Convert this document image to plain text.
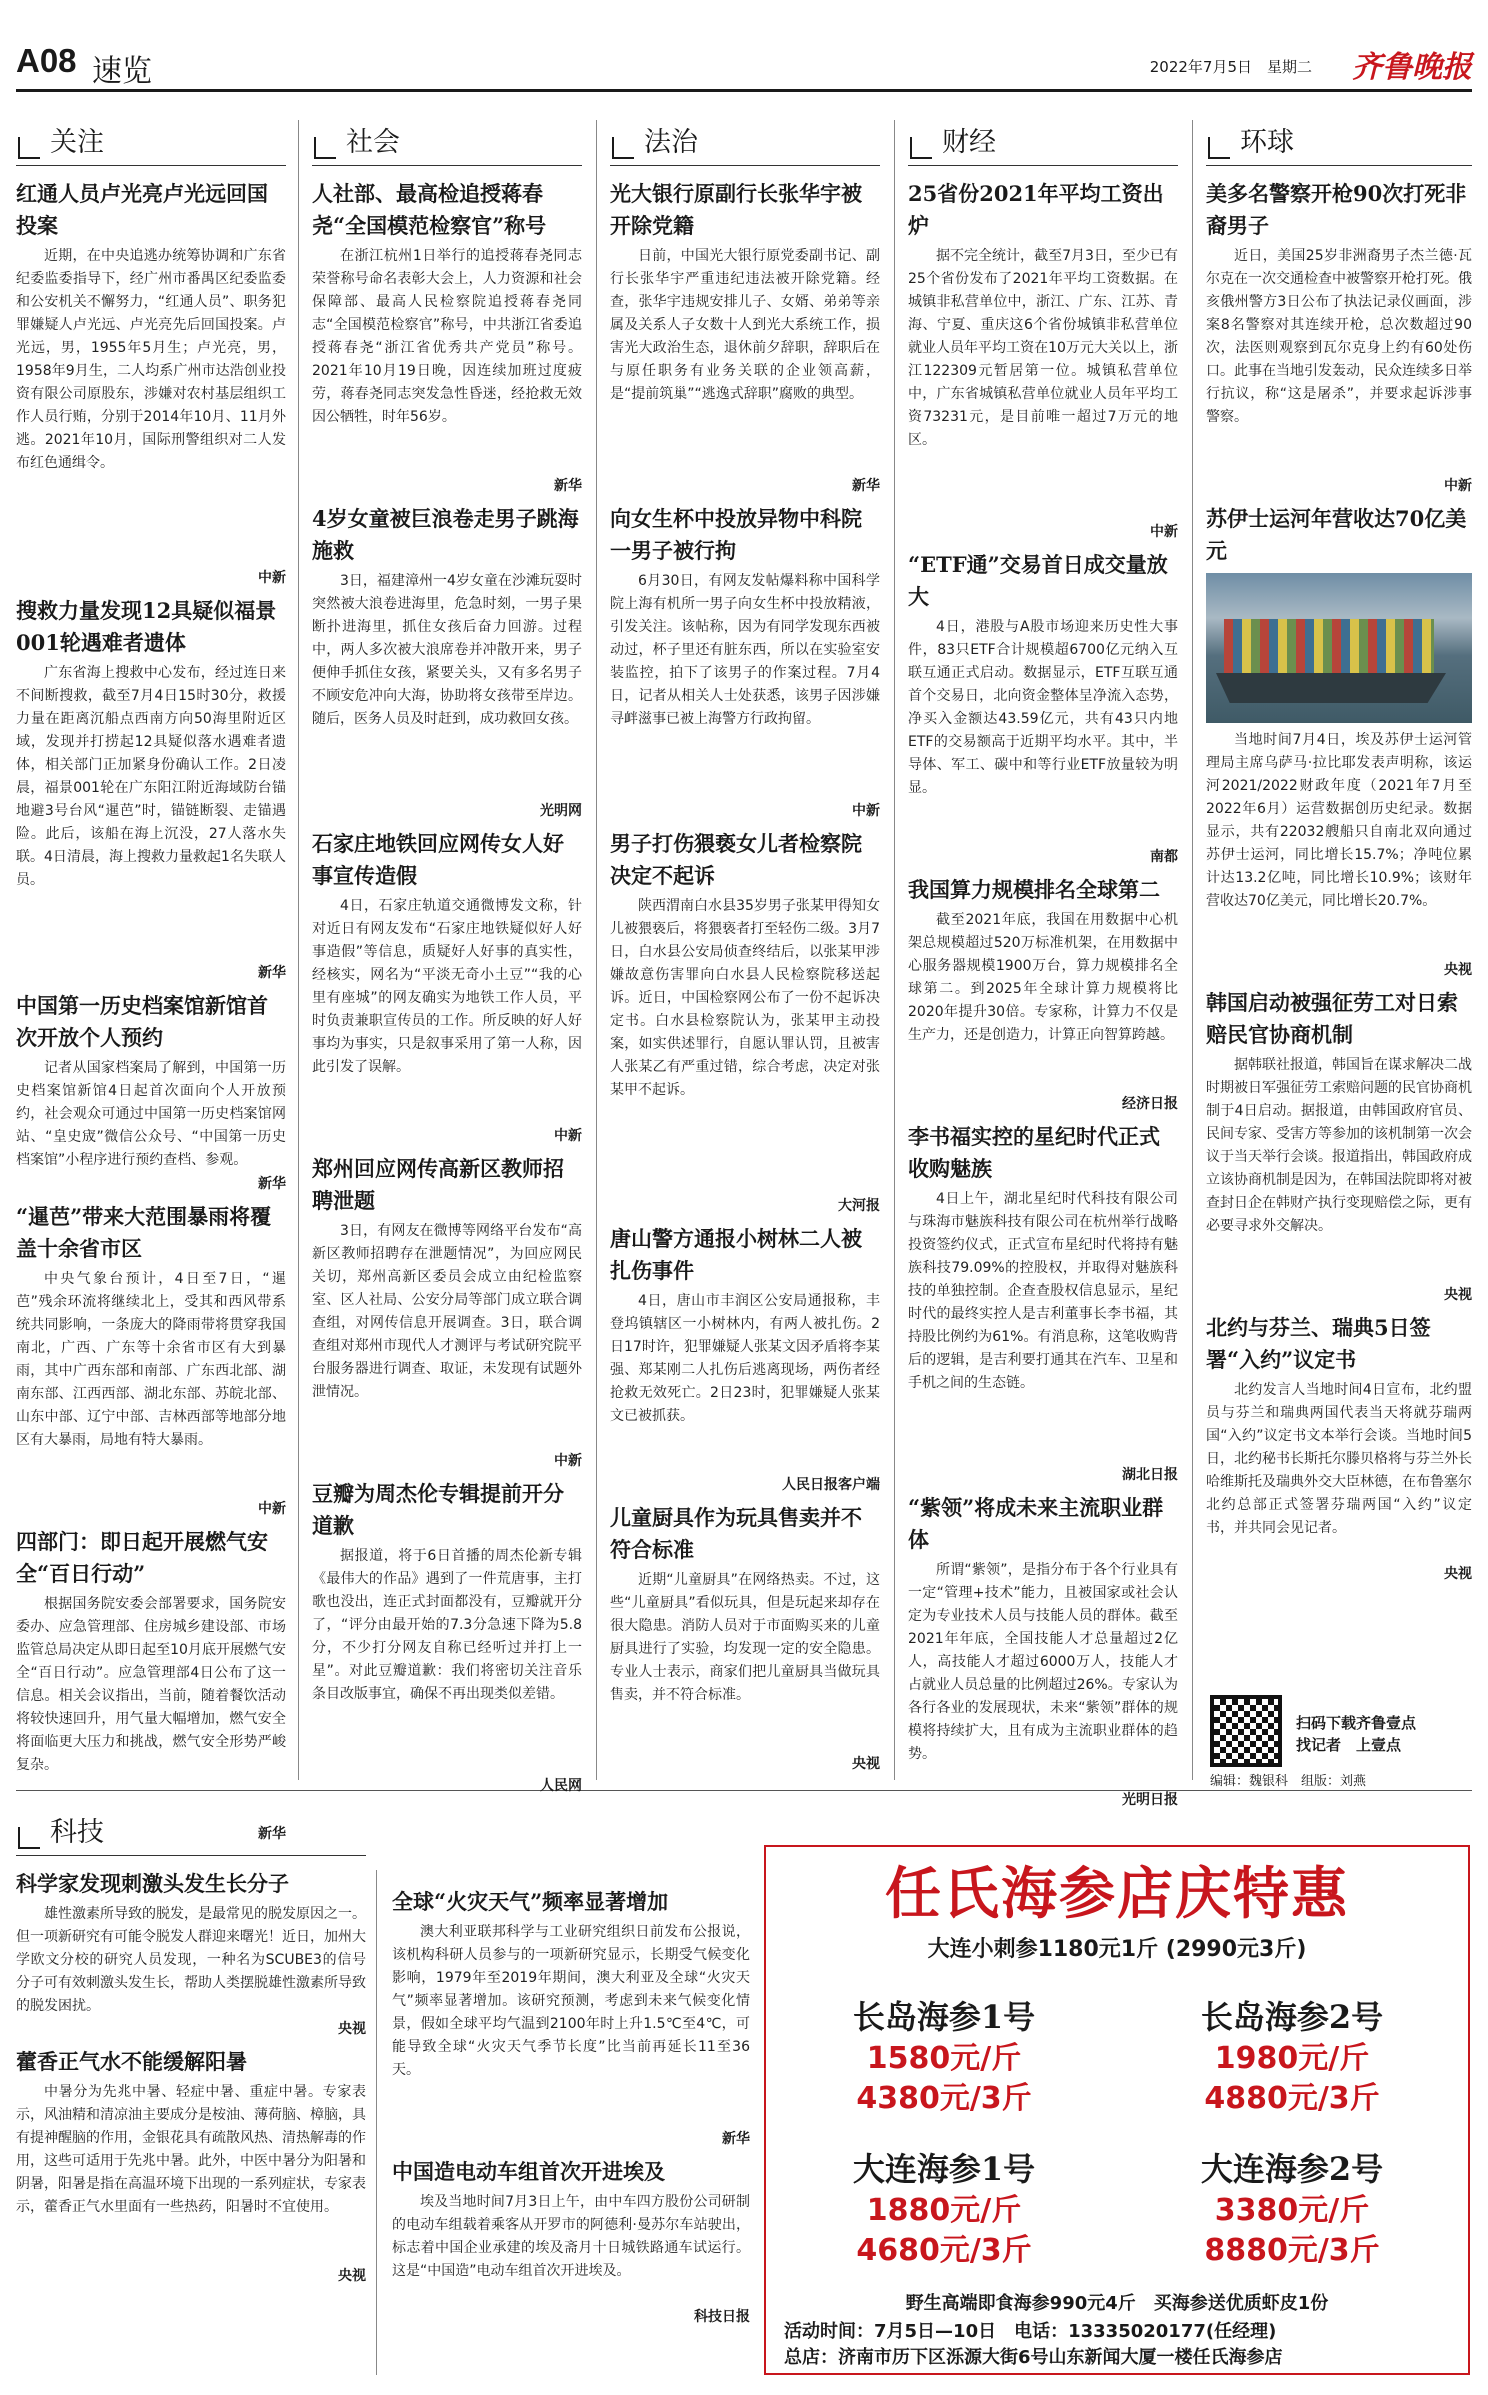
A08 速览	2022年7月5日　星期二 齐鲁晚报
关注
红通人员卢光亮卢光远回国投案
近期，在中央追逃办统筹协调和广东省纪委监委指导下，经广州市番禺区纪委监委和公安机关不懈努力，“红通人员”、职务犯罪嫌疑人卢光远、卢光亮先后回国投案。卢光远，男，1955年5月生；卢光亮，男，1958年9月生，二人均系广州市达浩创业投资有限公司原股东，涉嫌对农村基层组织工作人员行贿，分别于2014年10月、11月外逃。2021年10月，国际刑警组织对二人发布红色通缉令。
中新
搜救力量发现12具疑似福景001轮遇难者遗体
广东省海上搜救中心发布，经过连日来不间断搜救，截至7月4日15时30分，救援力量在距离沉船点西南方向50海里附近区域，发现并打捞起12具疑似落水遇难者遗体，相关部门正加紧身份确认工作。2日凌晨，福景001轮在广东阳江附近海域防台锚地避3号台风“暹芭”时，锚链断裂、走锚遇险。此后，该船在海上沉没，27人落水失联。4日清晨，海上搜救力量救起1名失联人员。
新华
中国第一历史档案馆新馆首次开放个人预约
记者从国家档案局了解到，中国第一历史档案馆新馆4日起首次面向个人开放预约，社会观众可通过中国第一历史档案馆网站、“皇史宬”微信公众号、“中国第一历史档案馆”小程序进行预约查档、参观。
新华
“暹芭”带来大范围暴雨将覆盖十余省市区
中央气象台预计，4日至7日，“暹芭”残余环流将继续北上，受其和西风带系统共同影响，一条庞大的降雨带将贯穿我国南北，广西、广东等十余省市区有大到暴雨，其中广西东部和南部、广东西北部、湖南东部、江西西部、湖北东部、苏皖北部、山东中部、辽宁中部、吉林西部等地部分地区有大暴雨，局地有特大暴雨。
中新
四部门：即日起开展燃气安全“百日行动”
根据国务院安委会部署要求，国务院安委办、应急管理部、住房城乡建设部、市场监管总局决定从即日起至10月底开展燃气安全“百日行动”。应急管理部4日公布了这一信息。相关会议指出，当前，随着餐饮活动将较快速回升，用气量大幅增加，燃气安全将面临更大压力和挑战，燃气安全形势严峻复杂。
新华
社会
人社部、最高检追授蒋春尧“全国模范检察官”称号
在浙江杭州1日举行的追授蒋春尧同志荣誉称号命名表彰大会上，人力资源和社会保障部、最高人民检察院追授蒋春尧同志“全国模范检察官”称号，中共浙江省委追授蒋春尧“浙江省优秀共产党员”称号。2021年10月19日晚，因连续加班过度疲劳，蒋春尧同志突发急性昏迷，经抢救无效因公牺牲，时年56岁。
新华
4岁女童被巨浪卷走男子跳海施救
3日，福建漳州一4岁女童在沙滩玩耍时突然被大浪卷进海里，危急时刻，一男子果断扑进海里，抓住女孩后奋力回游。过程中，两人多次被大浪席卷并冲散开来，男子便伸手抓住女孩，紧要关头，又有多名男子不顾安危冲向大海，协助将女孩带至岸边。随后，医务人员及时赶到，成功救回女孩。
光明网
石家庄地铁回应网传女人好事宣传造假
4日，石家庄轨道交通微博发文称，针对近日有网友发布“石家庄地铁疑似好人好事造假”等信息，质疑好人好事的真实性，经核实，网名为“平淡无奇小土豆”“我的心里有座城”的网友确实为地铁工作人员，平时负责兼职宣传员的工作。所反映的好人好事均为事实，只是叙事采用了第一人称，因此引发了误解。
中新
郑州回应网传高新区教师招聘泄题
3日，有网友在微博等网络平台发布“高新区教师招聘存在泄题情况”，为回应网民关切，郑州高新区委员会成立由纪检监察室、区人社局、公安分局等部门成立联合调查组，对网传信息开展调查。3日，联合调查组对郑州市现代人才测评与考试研究院平台服务器进行调查、取证，未发现有试题外泄情况。
中新
豆瓣为周杰伦专辑提前开分道歉
据报道，将于6日首播的周杰伦新专辑《最伟大的作品》遇到了一件荒唐事，主打歌也没出，连正式封面都没有，豆瓣就开分了，“评分由最开始的7.3分急速下降为5.8分，不少打分网友自称已经听过并打上一星”。对此豆瓣道歉：我们将密切关注音乐条目改版事宜，确保不再出现类似差错。
人民网
法治
光大银行原副行长张华宇被开除党籍
日前，中国光大银行原党委副书记、副行长张华宇严重违纪违法被开除党籍。经查，张华宇违规安排儿子、女婿、弟弟等亲属及关系人子女数十人到光大系统工作，损害光大政治生态，退休前夕辞职，辞职后在与原任职务有业务关联的企业领高薪，是“提前筑巢”“逃逸式辞职”腐败的典型。
新华
向女生杯中投放异物中科院一男子被行拘
6月30日，有网友发帖爆料称中国科学院上海有机所一男子向女生杯中投放精液，引发关注。该帖称，因为有同学发现东西被动过，杯子里还有脏东西，所以在实验室安装监控，拍下了该男子的作案过程。7月4日，记者从相关人士处获悉，该男子因涉嫌寻衅滋事已被上海警方行政拘留。
中新
男子打伤猥亵女儿者检察院决定不起诉
陕西渭南白水县35岁男子张某甲得知女儿被猥亵后，将猥亵者打至轻伤二级。3月7日，白水县公安局侦查终结后，以张某甲涉嫌故意伤害罪向白水县人民检察院移送起诉。近日，中国检察网公布了一份不起诉决定书。白水县检察院认为，张某甲主动投案，如实供述罪行，自愿认罪认罚，且被害人张某乙有严重过错，综合考虑，决定对张某甲不起诉。
大河报
唐山警方通报小树林二人被扎伤事件
4日，唐山市丰润区公安局通报称，丰登坞镇辖区一小树林内，有两人被扎伤。2日17时许，犯罪嫌疑人张某文因矛盾将李某强、郑某刚二人扎伤后逃离现场，两伤者经抢救无效死亡。2日23时，犯罪嫌疑人张某文已被抓获。
人民日报客户端
儿童厨具作为玩具售卖并不符合标准
近期“儿童厨具”在网络热卖。不过，这些“儿童厨具”看似玩具，但是玩起来却存在很大隐患。消防人员对于市面购买来的儿童厨具进行了实验，均发现一定的安全隐患。专业人士表示，商家们把儿童厨具当做玩具售卖，并不符合标准。
央视
财经
25省份2021年平均工资出炉
据不完全统计，截至7月3日，至少已有25个省份发布了2021年平均工资数据。在城镇非私营单位中，浙江、广东、江苏、青海、宁夏、重庆这6个省份城镇非私营单位就业人员年平均工资在10万元大关以上，浙江122309元暂居第一位。城镇私营单位中，广东省城镇私营单位就业人员年平均工资73231元，是目前唯一超过7万元的地区。
中新
“ETF通”交易首日成交量放大
4日，港股与A股市场迎来历史性大事件，83只ETF合计规模超6700亿元纳入互联互通正式启动。数据显示，ETF互联互通首个交易日，北向资金整体呈净流入态势，净买入金额达43.59亿元，共有43只内地ETF的交易额高于近期平均水平。其中，半导体、军工、碳中和等行业ETF放量较为明显。
南都
我国算力规模排名全球第二
截至2021年底，我国在用数据中心机架总规模超过520万标准机架，在用数据中心服务器规模1900万台，算力规模排名全球第二。到2025年全球计算力规模将比2020年提升30倍。专家称，计算力不仅是生产力，还是创造力，计算正向智算跨越。
经济日报
李书福实控的星纪时代正式收购魅族
4日上午，湖北星纪时代科技有限公司与珠海市魅族科技有限公司在杭州举行战略投资签约仪式，正式宣布星纪时代将持有魅族科技79.09%的控股权，并取得对魅族科技的单独控制。企查查股权信息显示，星纪时代的最终实控人是吉利董事长李书福，其持股比例约为61%。有消息称，这笔收购背后的逻辑，是吉利要打通其在汽车、卫星和手机之间的生态链。
湖北日报
“紫领”将成未来主流职业群体
所谓“紫领”，是指分布于各个行业具有一定“管理+技术”能力，且被国家或社会认定为专业技术人员与技能人员的群体。截至2021年年底，全国技能人才总量超过2亿人，高技能人才超过6000万人，技能人才占就业人员总量的比例超过26%。专家认为各行各业的发展现状，未来“紫领”群体的规模将持续扩大，且有成为主流职业群体的趋势。
光明日报
环球
美多名警察开枪90次打死非裔男子
近日，美国25岁非洲裔男子杰兰德·瓦尔克在一次交通检查中被警察开枪打死。俄亥俄州警方3日公布了执法记录仪画面，涉案8名警察对其连续开枪，总次数超过90次，法医则观察到瓦尔克身上约有60处伤口。此事在当地引发轰动，民众连续多日举行抗议，称“这是屠杀”，并要求起诉涉事警察。
中新
苏伊士运河年营收达70亿美元
当地时间7月4日，埃及苏伊士运河管理局主席乌萨马·拉比耶发表声明称，该运河2021/2022财政年度（2021年7月至2022年6月）运营数据创历史纪录。数据显示，共有22032艘船只自南北双向通过苏伊士运河，同比增长15.7%；净吨位累计达13.2亿吨，同比增长10.9%；该财年营收达70亿美元，同比增长20.7%。
央视
韩国启动被强征劳工对日索赔民官协商机制
据韩联社报道，韩国旨在谋求解决二战时期被日军强征劳工索赔问题的民官协商机制于4日启动。据报道，由韩国政府官员、民间专家、受害方等参加的该机制第一次会议于当天举行会谈。报道指出，韩国政府成立该协商机制是因为，在韩国法院即将对被查封日企在韩财产执行变现赔偿之际，更有必要寻求外交解决。
央视
北约与芬兰、瑞典5日签署“入约”议定书
北约发言人当地时间4日宣布，北约盟员与芬兰和瑞典两国代表当天将就芬瑞两国“入约”议定书文本举行会谈。当地时间5日，北约秘书长斯托尔滕贝格将与芬兰外长哈维斯托及瑞典外交大臣林德，在布鲁塞尔北约总部正式签署芬瑞两国“入约”议定书，并共同会见记者。
央视
扫码下载齐鲁壹点
找记者　上壹点
编辑：魏银科　组版：刘燕
科技
科学家发现刺激头发生长分子
雄性激素所导致的脱发，是最常见的脱发原因之一。但一项新研究有可能令脱发人群迎来曙光！近日，加州大学欧文分校的研究人员发现，一种名为SCUBE3的信号分子可有效刺激头发生长，帮助人类摆脱雄性激素所导致的脱发困扰。
央视
藿香正气水不能缓解阳暑
中暑分为先兆中暑、轻症中暑、重症中暑。专家表示，风油精和清凉油主要成分是桉油、薄荷脑、樟脑，具有提神醒脑的作用，金银花具有疏散风热、清热解毒的作用，这些可适用于先兆中暑。此外，中医中暑分为阳暑和阴暑，阳暑是指在高温环境下出现的一系列症状，专家表示，藿香正气水里面有一些热药，阳暑时不宜使用。
央视
全球“火灾天气”频率显著增加
澳大利亚联邦科学与工业研究组织日前发布公报说，该机构科研人员参与的一项新研究显示，长期受气候变化影响，1979年至2019年期间，澳大利亚及全球“火灾天气”频率显著增加。该研究预测，考虑到未来气候变化情景，假如全球平均气温到2100年时上升1.5℃至4℃，可能导致全球“火灾天气季节长度”比当前再延长11至36天。
新华
中国造电动车组首次开进埃及
埃及当地时间7月3日上午，由中车四方股份公司研制的电动车组载着乘客从开罗市的阿德利·曼苏尔车站驶出，标志着中国企业承建的埃及斋月十日城铁路通车试运行。这是“中国造”电动车组首次开进埃及。
科技日报
任氏海参店庆特惠
大连小刺参1180元1斤 (2990元3斤)
长岛海参1号
1580元/斤
4380元/3斤
长岛海参2号
1980元/斤
4880元/3斤
大连海参1号
1880元/斤
4680元/3斤
大连海参2号
3380元/斤
8880元/3斤
野生高端即食海参990元4斤　买海参送优质虾皮1份
活动时间：7月5日—10日　电话：13335020177(任经理)
总店：济南市历下区泺源大街6号山东新闻大厦一楼任氏海参店
